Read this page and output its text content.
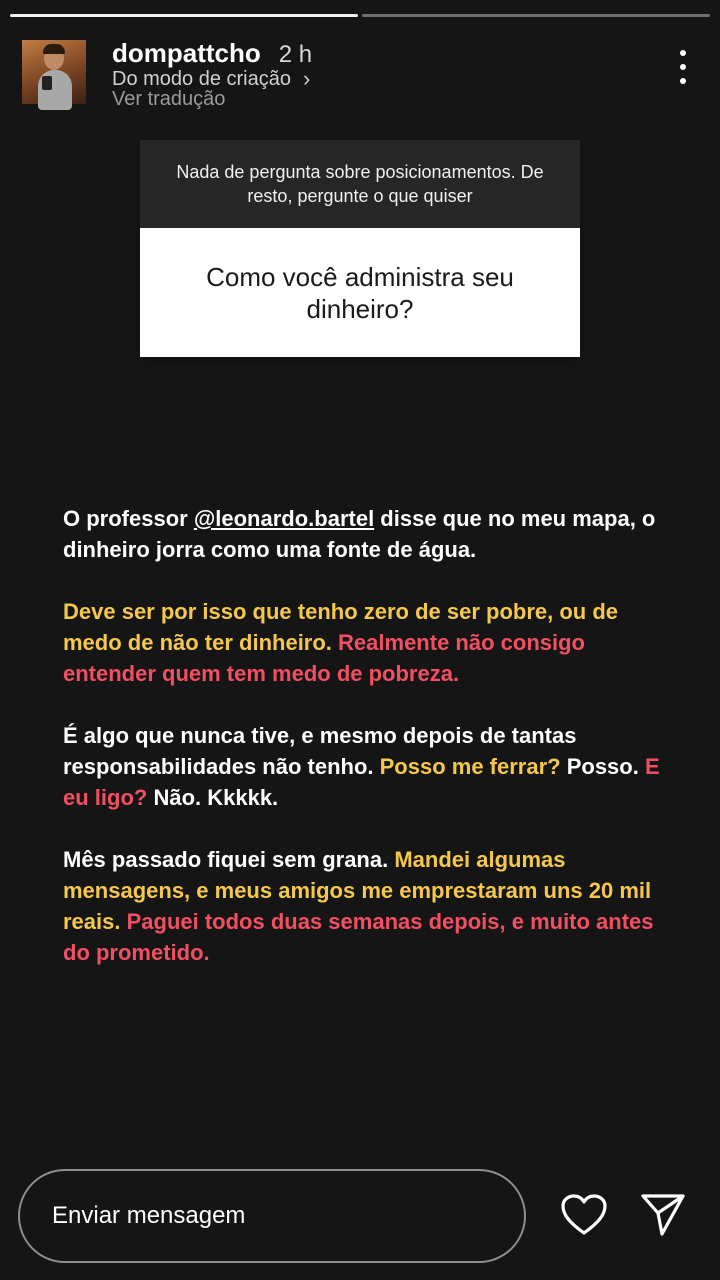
dompattcho 2 h
Do modo de criação ›
Ver tradução
Nada de pergunta sobre posicionamentos. De resto, pergunte o que quiser
Como você administra seu dinheiro?

O professor @leonardo.bartel disse que no meu mapa, o dinheiro jorra como uma fonte de água.

Deve ser por isso que tenho zero de ser pobre, ou de medo de não ter dinheiro. Realmente não consigo entender quem tem medo de pobreza.

É algo que nunca tive, e mesmo depois de tantas responsabilidades não tenho. Posso me ferrar? Posso. E eu ligo? Não. Kkkkk.

Mês passado fiquei sem grana. Mandei algumas mensagens, e meus amigos me emprestaram uns 20 mil reais. Paguei todos duas semanas depois, e muito antes do prometido.

Enviar mensagem
